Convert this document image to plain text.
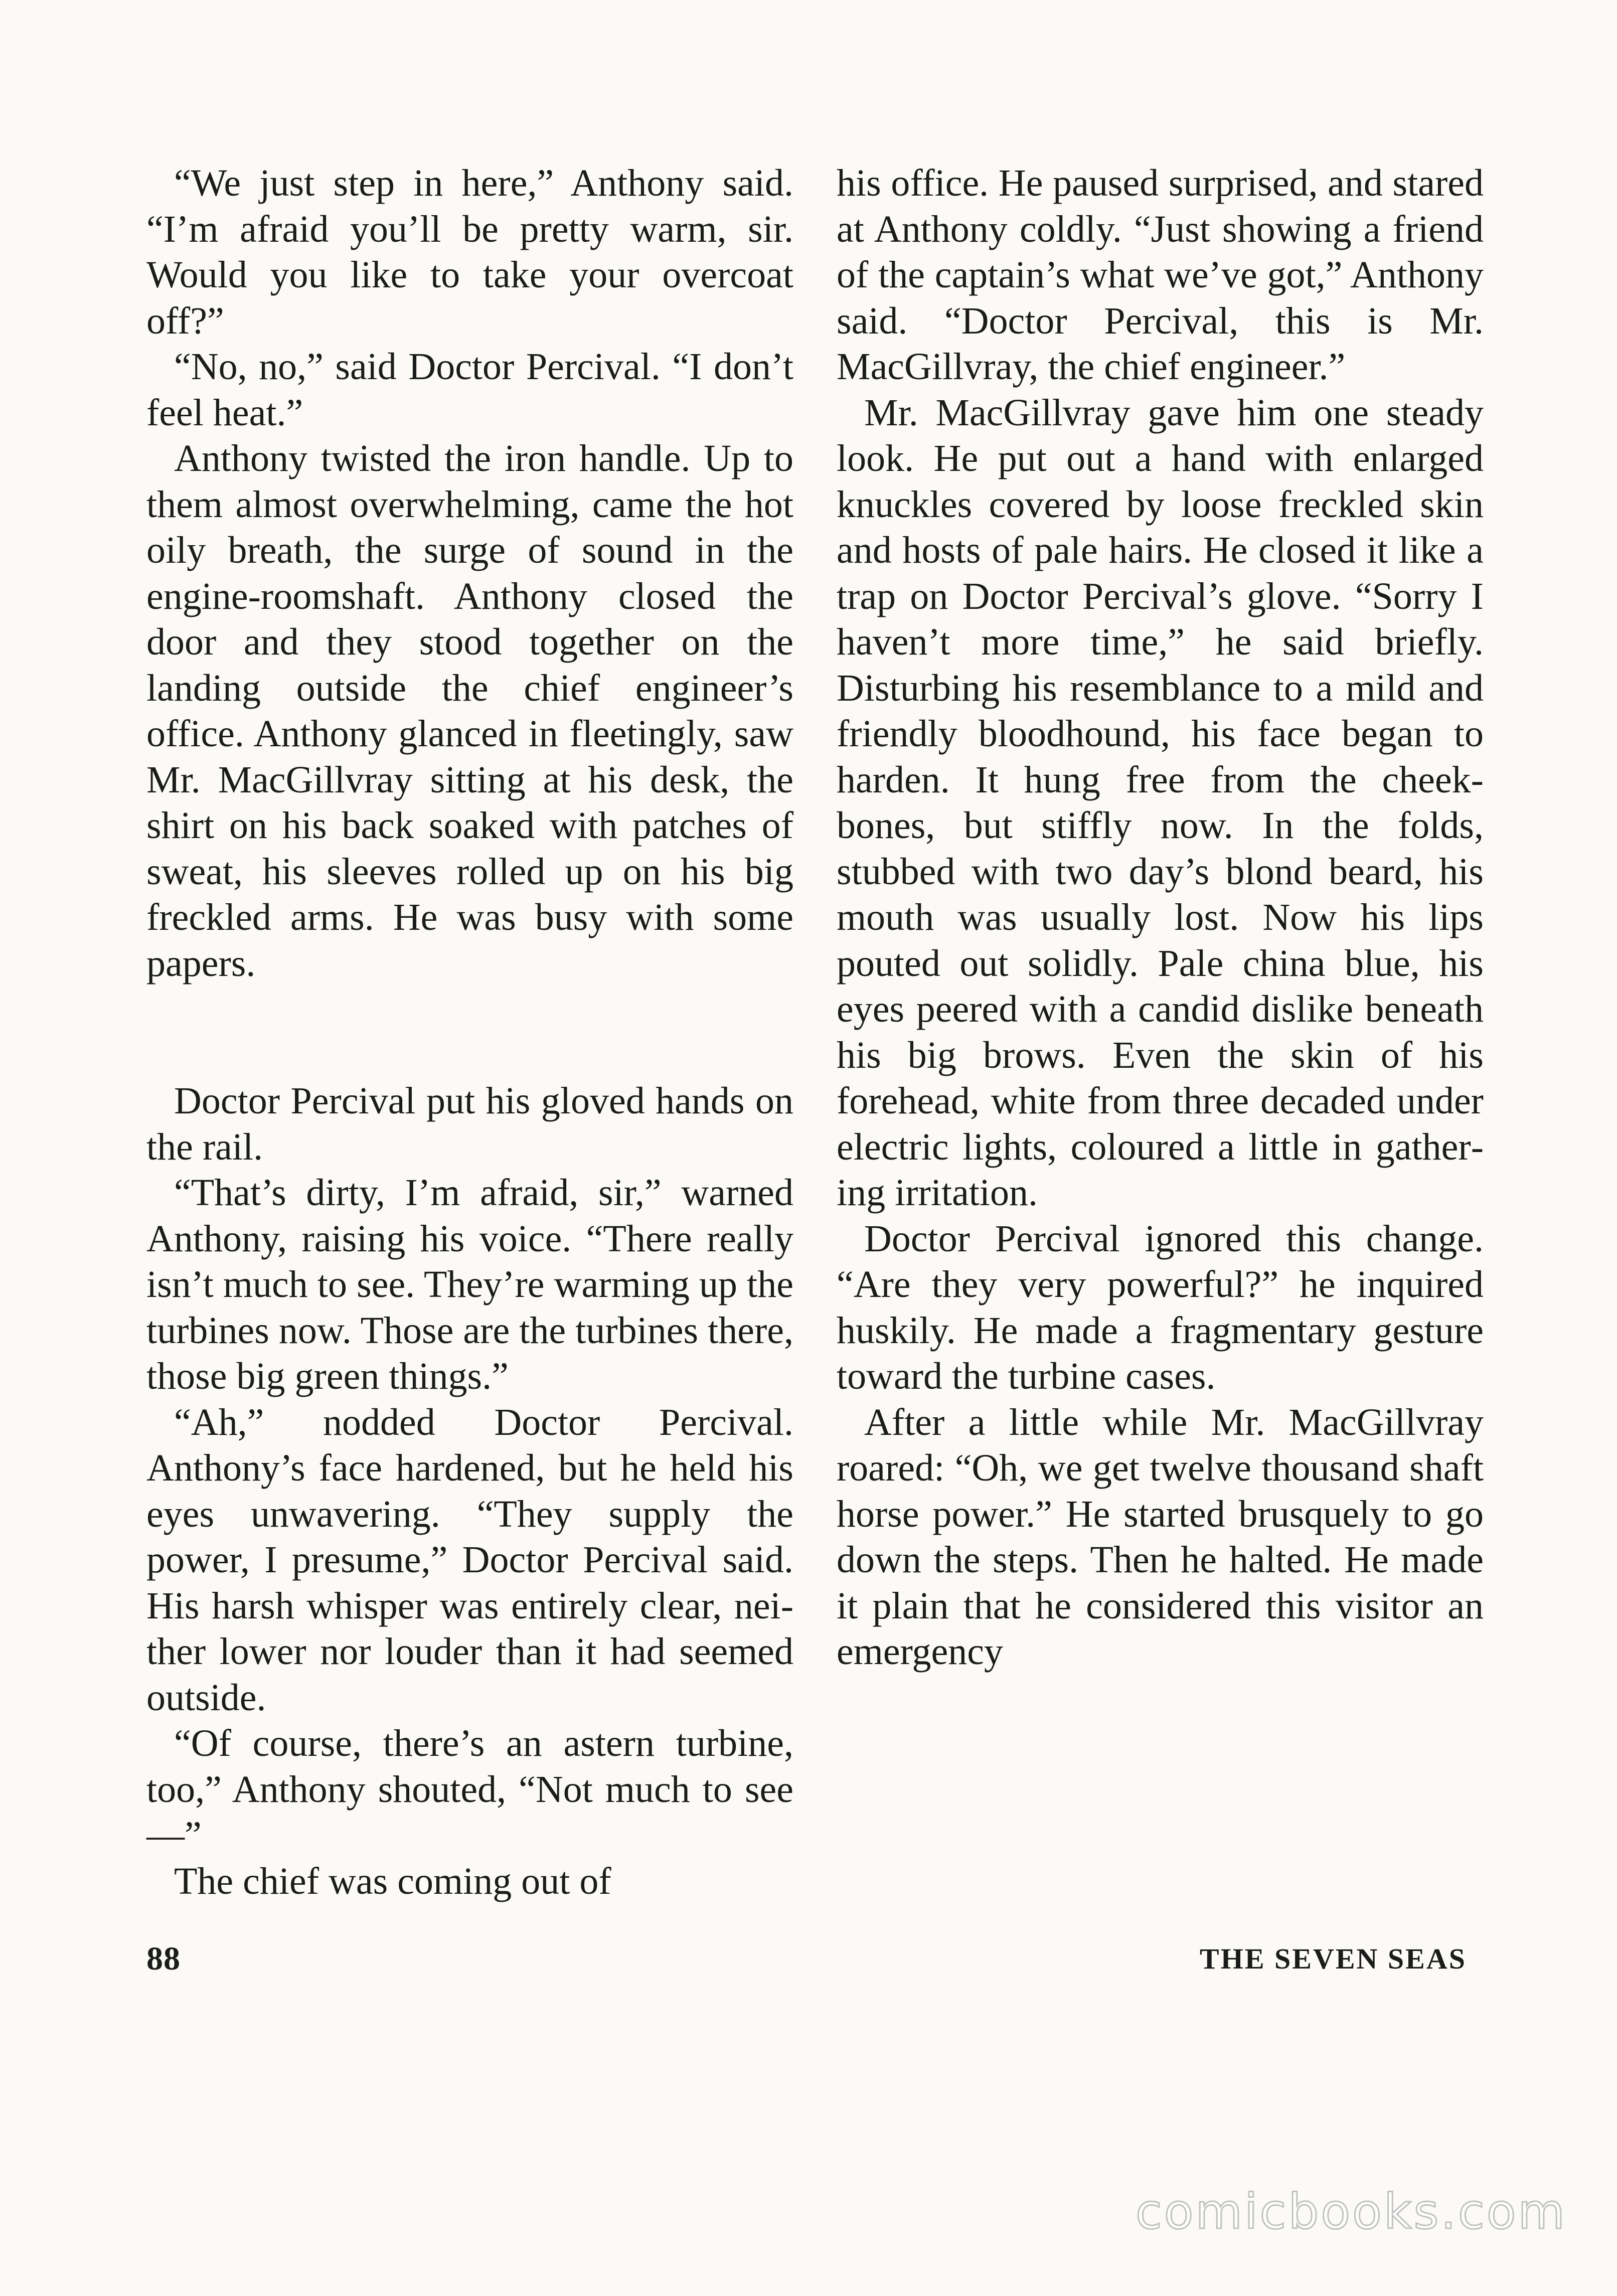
“We just step in here,” Anthony said. “I’m afraid you’ll be pretty warm, sir. Would you like to take your overcoat off?”

“No, no,” said Doctor Percival. “I don’t feel heat.”

Anthony twisted the iron handle. Up to them almost overwhelming, came the hot oily breath, the surge of sound in the engine-roomshaft. Anthony closed the door and they stood together on the landing outside the chief engineer’s office. Anthony glanced in fleetingly, saw Mr. MacGillvray sitting at his desk, the shirt on his back soaked with patches of sweat, his sleeves rolled up on his big freckled arms. He was busy with some papers.

Doctor Percival put his gloved hands on the rail.

“That’s dirty, I’m afraid, sir,” warned Anthony, raising his voice. “There really isn’t much to see. They’re warming up the turbines now. Those are the turbines there, those big green things.”

“Ah,” nodded Doctor Percival. Anthony’s face hardened, but he held his eyes unwavering. “They supply the power, I presume,” Doctor Percival said. His harsh whisper was entirely clear, neither lower nor louder than it had seemed outside.

“Of course, there’s an astern turbine, too,” Anthony shouted, “Not much to see —”

The chief was coming out of

his office. He paused surprised, and stared at Anthony coldly. “Just showing a friend of the captain’s what we’ve got,” Anthony said. “Doctor Percival, this is Mr. MacGillvray, the chief engineer.”

Mr. MacGillvray gave him one steady look. He put out a hand with enlarged knuckles covered by loose freckled skin and hosts of pale hairs. He closed it like a trap on Doctor Percival’s glove. “Sorry I haven’t more time,” he said briefly. Disturbing his resemblance to a mild and friendly bloodhound, his face began to harden. It hung free from the cheek-bones, but stiffly now. In the folds, stubbed with two day’s blond beard, his mouth was usually lost. Now his lips pouted out solidly. Pale china blue, his eyes peered with a candid dislike beneath his big brows. Even the skin of his forehead, white from three decaded under electric lights, coloured a little in gathering irritation.

Doctor Percival ignored this change. “Are they very powerful?” he inquired huskily. He made a fragmentary gesture toward the turbine cases.

After a little while Mr. MacGillvray roared: “Oh, we get twelve thousand shaft horse power.” He started brusquely to go down the steps. Then he halted. He made it plain that he considered this visitor an emergency

88	THE SEVEN SEAS
comicbooks.com
